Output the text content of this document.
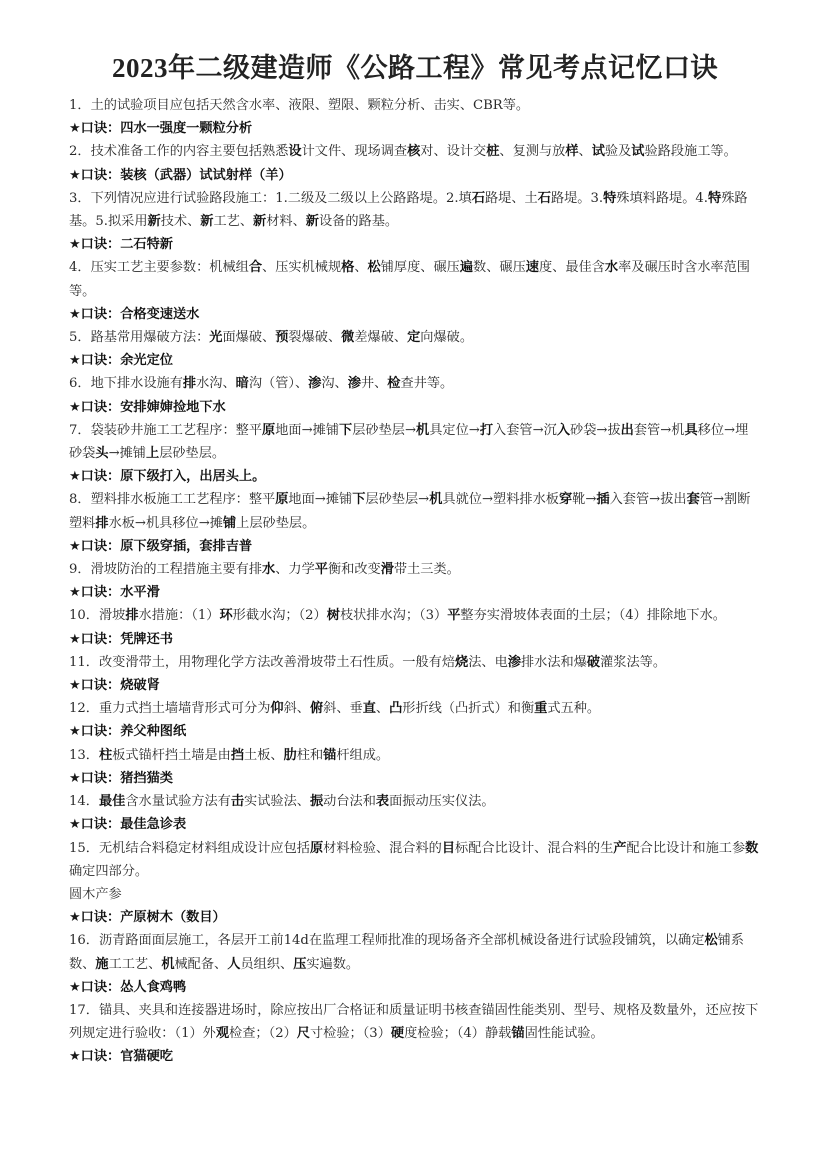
2023年二级建造师《公路工程》常见考点记忆口诀

1．土的试验项目应包括天然含水率、液限、塑限、颗粒分析、击实、CBR等。

★口诀：四水一强度一颗粒分析

2．技术准备工作的内容主要包括熟悉设计文件、现场调查核对、设计交桩、复测与放样、试验及试验路段施工等。

★口诀：装核（武器）试试射样（羊）

3．下列情况应进行试验路段施工：1.二级及二级以上公路路堤。2.填石路堤、土石路堤。3.特殊填料路堤。4.特殊路基。5.拟采用新技术、新工艺、新材料、新设备的路基。

★口诀：二石特新

4．压实工艺主要参数：机械组合、压实机械规格、松铺厚度、碾压遍数、碾压速度、最佳含水率及碾压时含水率范围等。

★口诀：合格变速送水

5．路基常用爆破方法：光面爆破、预裂爆破、微差爆破、定向爆破。

★口诀：余光定位

6．地下排水设施有排水沟、暗沟（管）、渗沟、渗井、检查井等。

★口诀：安排婶婶捡地下水

7．袋装砂井施工工艺程序：整平原地面→摊铺下层砂垫层→机具定位→打入套管→沉入砂袋→拔出套管→机具移位→埋砂袋头→摊铺上层砂垫层。

★口诀：原下级打入，出居头上。

8．塑料排水板施工工艺程序：整平原地面→摊铺下层砂垫层→机具就位→塑料排水板穿靴→插入套管→拔出套管→割断塑料排水板→机具移位→摊铺上层砂垫层。

★口诀：原下级穿插，套排吉普

9．滑坡防治的工程措施主要有排水、力学平衡和改变滑带土三类。

★口诀：水平滑

10．滑坡排水措施：（1）环形截水沟；（2）树枝状排水沟；（3）平整夯实滑坡体表面的土层；（4）排除地下水。

★口诀：凭牌还书

11．改变滑带土，用物理化学方法改善滑坡带土石性质。一般有焙烧法、电渗排水法和爆破灌浆法等。

★口诀：烧破肾

12．重力式挡土墙墙背形式可分为仰斜、俯斜、垂直、凸形折线（凸折式）和衡重式五种。

★口诀：养父种图纸

13．柱板式锚杆挡土墙是由挡土板、肋柱和锚杆组成。

★口诀：猪挡猫类

14．最佳含水量试验方法有击实试验法、振动台法和表面振动压实仪法。

★口诀：最佳急诊表

15．无机结合料稳定材料组成设计应包括原材料检验、混合料的目标配合比设计、混合料的生产配合比设计和施工参数确定四部分。

圆木产参

★口诀：产原树木（数目）

16．沥青路面面层施工，各层开工前14d在监理工程师批准的现场备齐全部机械设备进行试验段铺筑，以确定松铺系数、施工工艺、机械配备、人员组织、压实遍数。

★口诀：怂人食鸡鸭

17．锚具、夹具和连接器进场时，除应按出厂合格证和质量证明书核查锚固性能类别、型号、规格及数量外，还应按下列规定进行验收：（1）外观检查；（2）尺寸检验；（3）硬度检验；（4）静载锚固性能试验。

★口诀：官猫硬吃
